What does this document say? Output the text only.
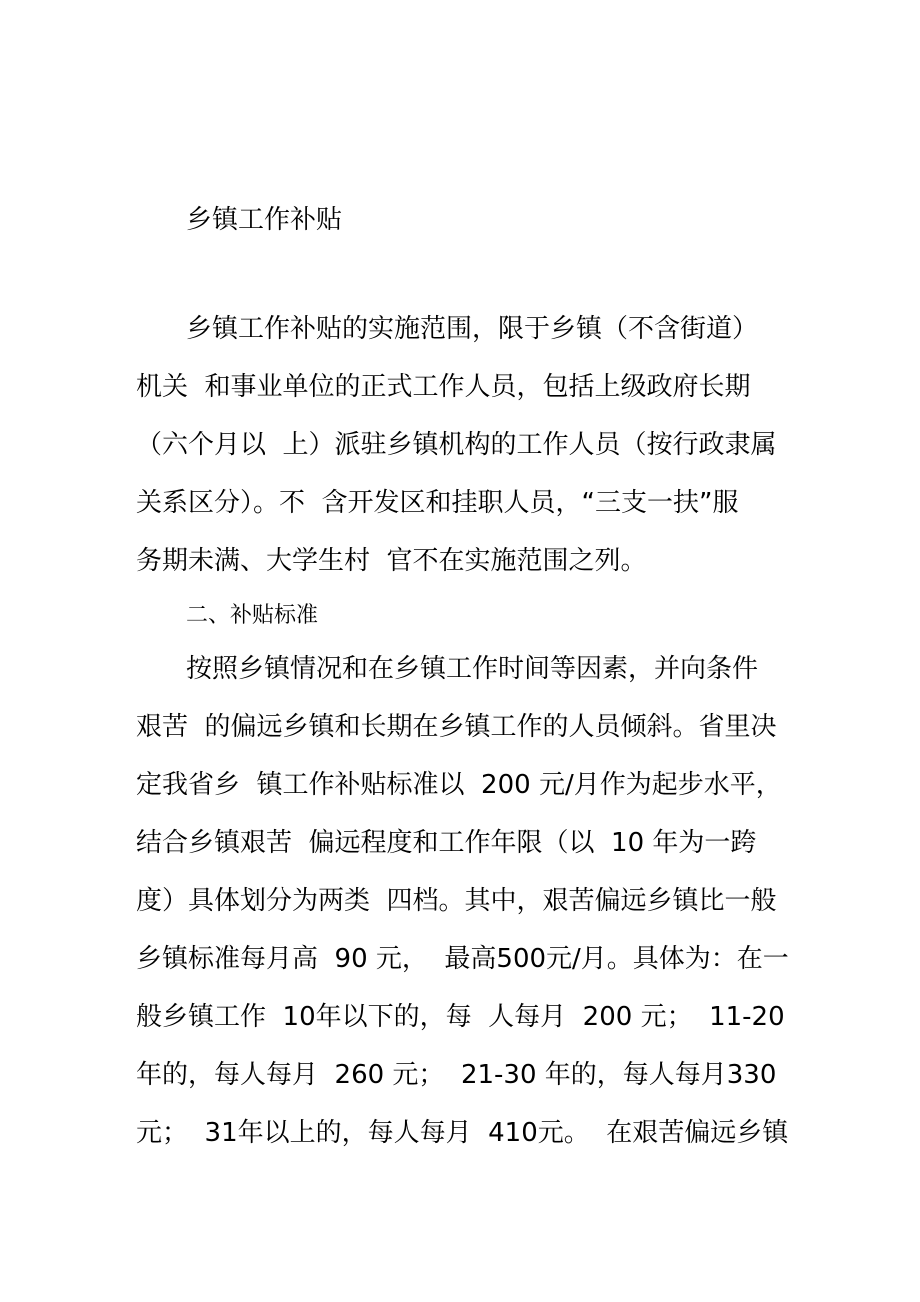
乡镇工作补贴
乡镇工作补贴的实施范围，限于乡镇（不含街道）
机关  和事业单位的正式工作人员，包括上级政府长期
（六个月以  上）派驻乡镇机构的工作人员（按行政隶属
关系区分）。不  含开发区和挂职人员，“三支一扶”服
务期未满、大学生村  官不在实施范围之列。
二、补贴标准
按照乡镇情况和在乡镇工作时间等因素，并向条件
艰苦  的偏远乡镇和长期在乡镇工作的人员倾斜。省里决
定我省乡  镇工作补贴标准以  200 元/月作为起步水平，
结合乡镇艰苦  偏远程度和工作年限（以  10 年为一跨
度）具体划分为两类  四档。其中，艰苦偏远乡镇比一般
乡镇标准每月高  90 元，  最高500元/月。具体为：在一
般乡镇工作  10年以下的，每  人每月  200 元；  11-20
年的，每人每月  260 元；  21-30 年的，每人每月330
元；  31年以上的，每人每月  410元。  在艰苦偏远乡镇
